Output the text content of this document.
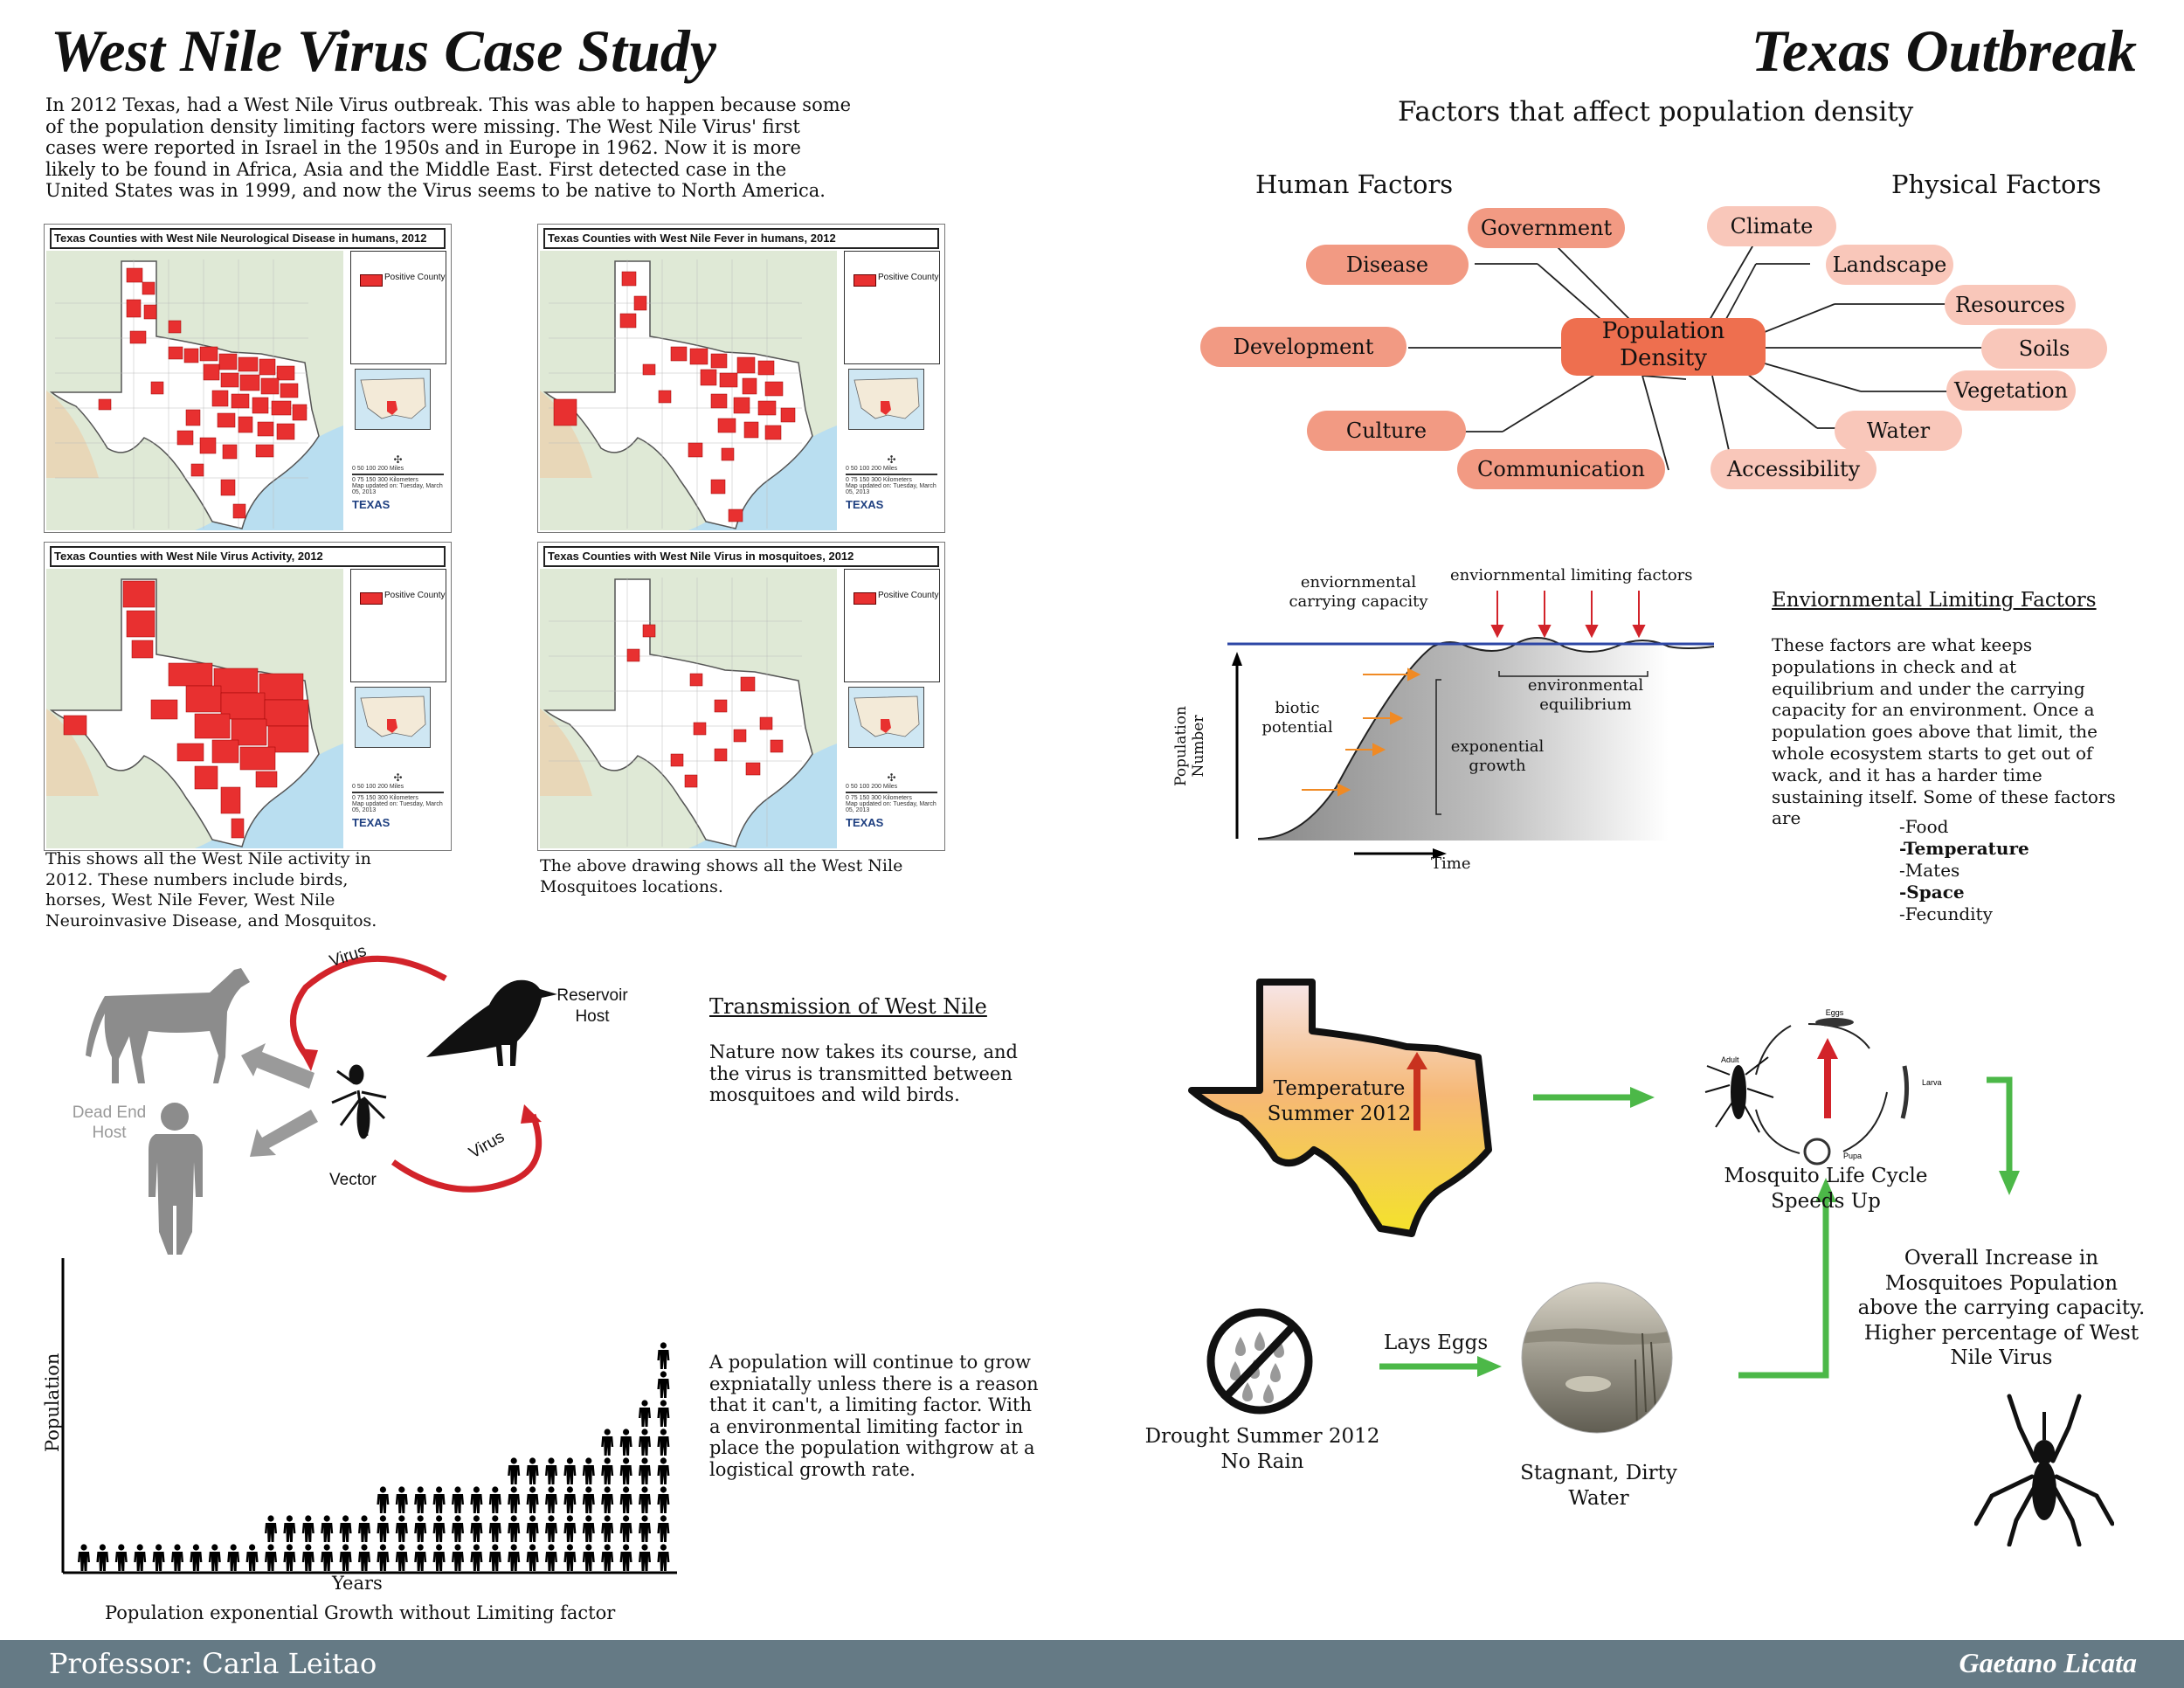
West Nile Virus Case Study	Texas Outbreak
In 2012 Texas, had a West Nile Virus outbreak. This was able to happen because some of the population density limiting factors were missing. The West Nile Virus' first cases were reported in Israel in the 1950s and in Europe in 1962. Now it is more likely to be found in Africa, Asia and the Middle East. First detected case in the United States was in 1999, and now the Virus seems to be native to North America.
Texas Counties with West Nile Neurological Disease in humans, 2012
Positive County
✣
0 50 100 200 Miles
0 75 150 300 Kilometers
Map updated on: Tuesday, March 05, 2013
TEXAS
Texas Counties with West Nile Fever in humans, 2012
Positive County
✣
0 50 100 200 Miles
0 75 150 300 Kilometers
Map updated on: Tuesday, March 05, 2013
TEXAS
Texas Counties with West Nile Virus Activity, 2012
Positive County
✣
0 50 100 200 Miles
0 75 150 300 Kilometers
Map updated on: Tuesday, March 05, 2013
TEXAS
Texas Counties with West Nile Virus in mosquitoes, 2012
Positive County
✣
0 50 100 200 Miles
0 75 150 300 Kilometers
Map updated on: Tuesday, March 05, 2013
TEXAS
This shows all the West Nile activity in 2012. These numbers include birds, horses, West Nile Fever, West Nile Neuroinvasive Disease, and Mosquitos.
The above drawing shows all the West Nile Mosquitoes locations.
Virus
Virus
Reservoir
Host
Dead End
Host
Vector
Transmission of West Nile
Nature now takes its course, and the virus is transmitted between mosquitoes and wild birds.
Population
Years
Population exponential Growth without Limiting factor
A population will continue to grow expniatally unless there is a reason that it can't, a limiting factor. With a environmental limiting factor in place the population withgrow at a logistical growth rate.
Factors that affect population density
Human Factors	Physical Factors
Government
Disease
Development
Culture
Communication
Climate
Landscape
Resources
Soils
Vegetation
Water
Accessibility
Population
Density
enviornmental
carrying capacity
enviornmental limiting factors
biotic
potential
environmental
equilibrium
exponential
growth
Population Number
Time
Enviornmental Limiting Factors
These factors are what keeps populations in check and at equilibrium and under the carrying capacity for an environment. Once a population goes above that limit, the whole ecosystem starts to get out of wack, and it has a harder time sustaining itself. Some of these factors are	-Food
-Temperature
-Mates
-Space
-Fecundity
Temperature
Summer 2012
Eggs
Larva
Pupa
Adult
Mosquito Life Cycle
Speeds Up
Drought Summer 2012
No Rain
Lays Eggs
Stagnant, Dirty
Water
Overall Increase in Mosquitoes Population above the carrying capacity. Higher percentage of West Nile Virus
Professor: Carla Leitao	Gaetano Licata
